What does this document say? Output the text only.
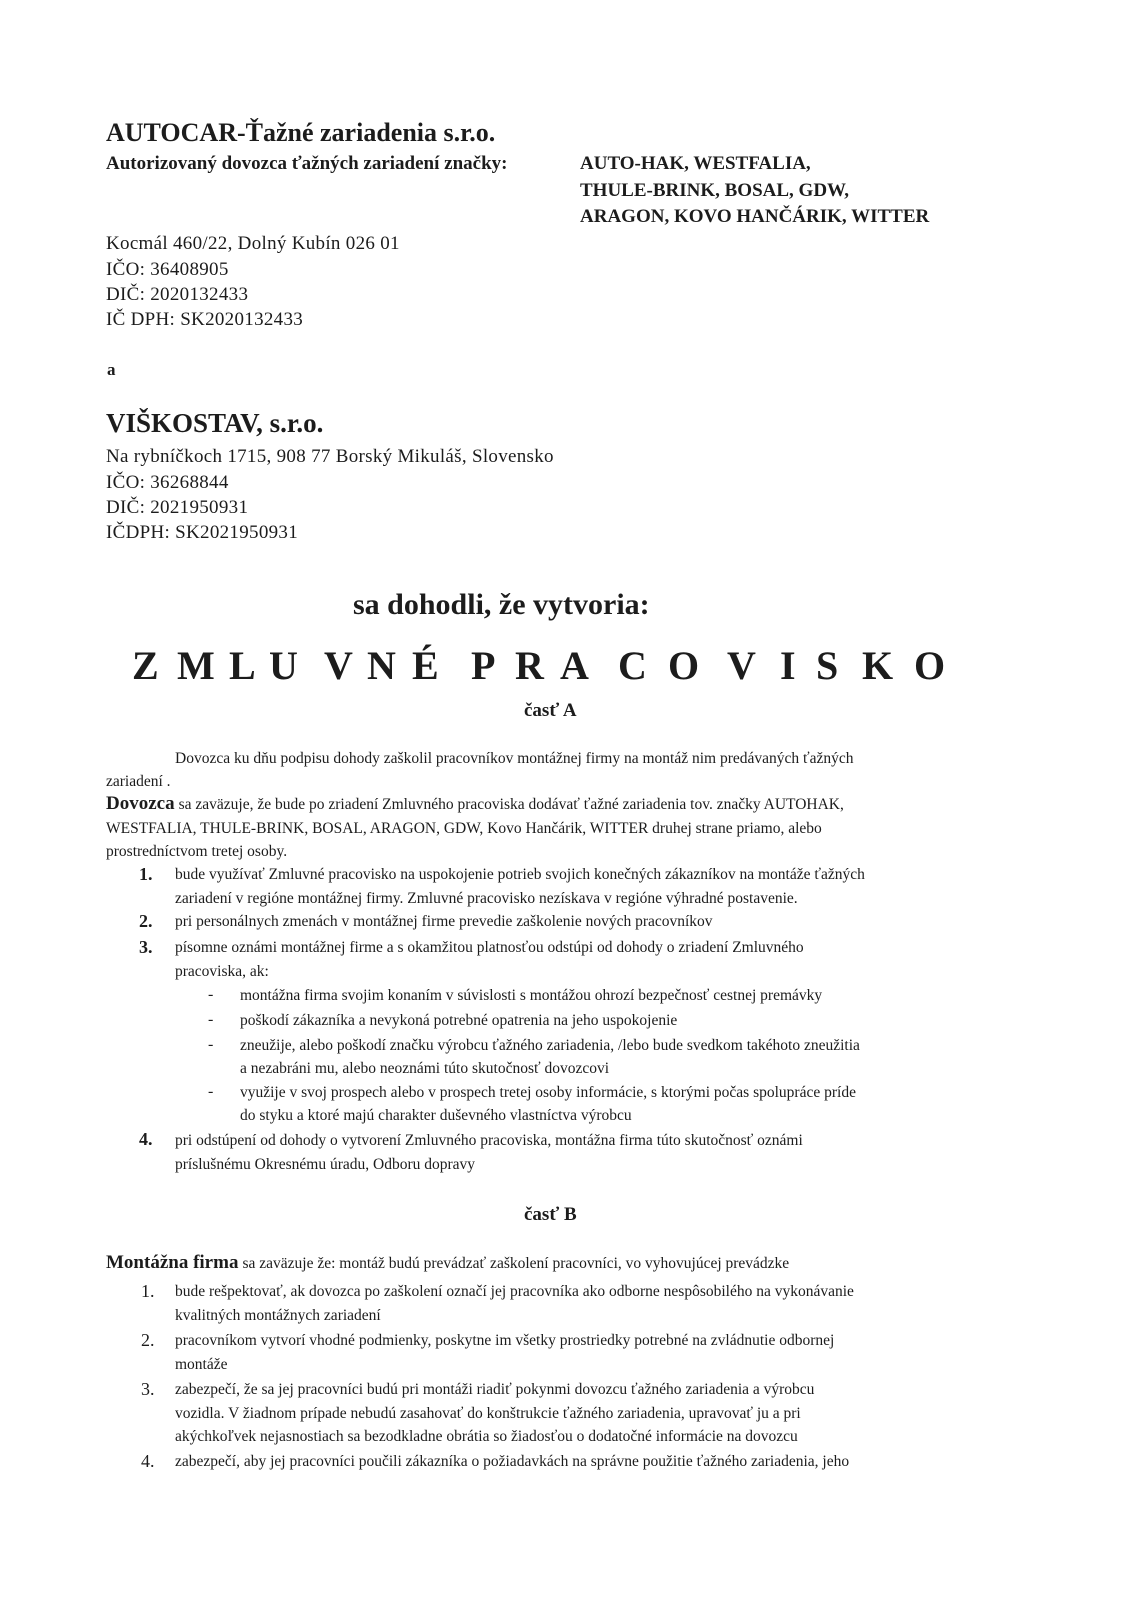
AUTOCAR-Ťažné zariadenia s.r.o.
Autorizovaný dovozca ťažných zariadení značky:	AUTO-HAK, WESTFALIA,
THULE-BRINK, BOSAL, GDW,
ARAGON, KOVO HANČÁRIK, WITTER
Kocmál 460/22, Dolný Kubín 026 01
IČO: 36408905
DIČ: 2020132433
IČ DPH: SK2020132433
a
VIŠKOSTAV, s.r.o.
Na rybníčkoch 1715, 908 77 Borský Mikuláš, Slovensko
IČO: 36268844
DIČ: 2021950931
IČDPH: SK2021950931
sa dohodli, že vytvoria:
Z M L U V N É P R A C O V I S K O
časť A
Dovozca ku dňu podpisu dohody zaškolil pracovníkov montážnej firmy na montáž nim predávaných ťažných
zariadení .
Dovozca sa zaväzuje, že bude po zriadení Zmluvného pracoviska dodávať ťažné zariadenia tov. značky AUTOHAK,
WESTFALIA, THULE-BRINK, BOSAL, ARAGON, GDW, Kovo Hančárik, WITTER druhej strane priamo, alebo
prostredníctvom tretej osoby.
1. bude využívať Zmluvné pracovisko na uspokojenie potrieb svojich konečných zákazníkov na montáže ťažných
zariadení v regióne montážnej firmy. Zmluvné pracovisko nezískava v regióne výhradné postavenie.
2. pri personálnych zmenách v montážnej firme prevedie zaškolenie nových pracovníkov
3. písomne oznámi montážnej firme a s okamžitou platnosťou odstúpi od dohody o zriadení Zmluvného
pracoviska, ak:
- montážna firma svojim konaním v súvislosti s montážou ohrozí bezpečnosť cestnej premávky
- poškodí zákazníka a nevykoná potrebné opatrenia na jeho uspokojenie
- zneužije, alebo poškodí značku výrobcu ťažného zariadenia, /lebo bude svedkom takéhoto zneužitia
a nezabráni mu, alebo neoznámi túto skutočnosť dovozcovi
- využije v svoj prospech alebo v prospech tretej osoby informácie, s ktorými počas spolupráce príde
do styku a ktoré majú charakter duševného vlastníctva výrobcu
4. pri odstúpení od dohody o vytvorení Zmluvného pracoviska, montážna firma túto skutočnosť oznámi
príslušnému Okresnému úradu, Odboru dopravy
časť B
Montážna firma sa zaväzuje že: montáž budú prevádzať zaškolení pracovníci, vo vyhovujúcej prevádzke
1. bude rešpektovať, ak dovozca po zaškolení označí jej pracovníka ako odborne nespôsobilého na vykonávanie
kvalitných montážnych zariadení
2. pracovníkom vytvorí vhodné podmienky, poskytne im všetky prostriedky potrebné na zvládnutie odbornej
montáže
3. zabezpečí, že sa jej pracovníci budú pri montáži riadiť pokynmi dovozcu ťažného zariadenia a výrobcu
vozidla. V žiadnom prípade nebudú zasahovať do konštrukcie ťažného zariadenia, upravovať ju a pri
akýchkoľvek nejasnostiach sa bezodkladne obrátia so žiadosťou o dodatočné informácie na dovozcu
4. zabezpečí, aby jej pracovníci poučili zákazníka o požiadavkách na správne použitie ťažného zariadenia, jeho
